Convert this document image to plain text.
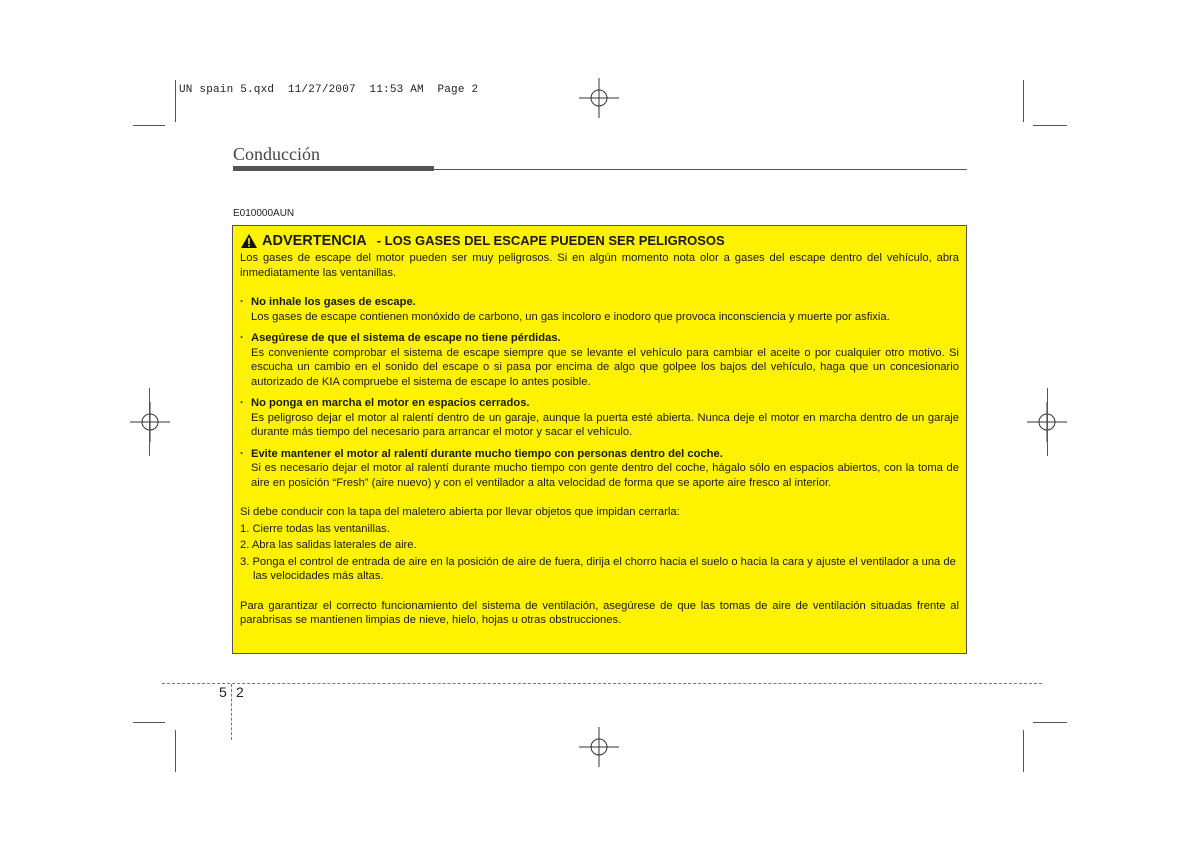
UN spain 5.qxd  11/27/2007  11:53 AM  Page 2
Conducción
E010000AUN
ADVERTENCIA - LOS GASES DEL ESCAPE PUEDEN SER PELIGROSOS

Los gases de escape del motor pueden ser muy peligrosos. Si en algún momento nota olor a gases del escape dentro del vehículo, abra inmediatamente las ventanillas.

· No inhale los gases de escape.

Los gases de escape contienen monóxido de carbono, un gas incoloro e inodoro que provoca inconsciencia y muerte por asfixia.

· Asegúrese de que el sistema de escape no tiene pérdidas.

Es conveniente comprobar el sistema de escape siempre que se levante el vehículo para cambiar el aceite o por cualquier otro motivo. Si escucha un cambio en el sonido del escape o si pasa por encima de algo que golpee los bajos del vehículo, haga que un concesionario autorizado de KIA compruebe el sistema de escape lo antes posible.

· No ponga en marcha el motor en espacios cerrados.

Es peligroso dejar el motor al ralentí dentro de un garaje, aunque la puerta esté abierta. Nunca deje el motor en marcha dentro de un garaje durante más tiempo del necesario para arrancar el motor y sacar el vehículo.

· Evite mantener el motor al ralentí durante mucho tiempo con personas dentro del coche.

Si es necesario dejar el motor al ralentí durante mucho tiempo con gente dentro del coche, hágalo sólo en espacios abiertos, con la toma de aire en posición “Fresh” (aire nuevo) y con el ventilador a alta velocidad de forma que se aporte aire fresco al interior.

Si debe conducir con la tapa del maletero abierta por llevar objetos que impidan cerrarla:

1. Cierre todas las ventanillas.

2. Abra las salidas laterales de aire.

3. Ponga el control de entrada de aire en la posición de aire de fuera, dirija el chorro hacia el suelo o hacia la cara y ajuste el ventilador a una de las velocidades más altas.

Para garantizar el correcto funcionamiento del sistema de ventilación, asegúrese de que las tomas de aire de ventilación situadas frente al parabrisas se mantienen limpias de nieve, hielo, hojas u otras obstrucciones.

5 2
